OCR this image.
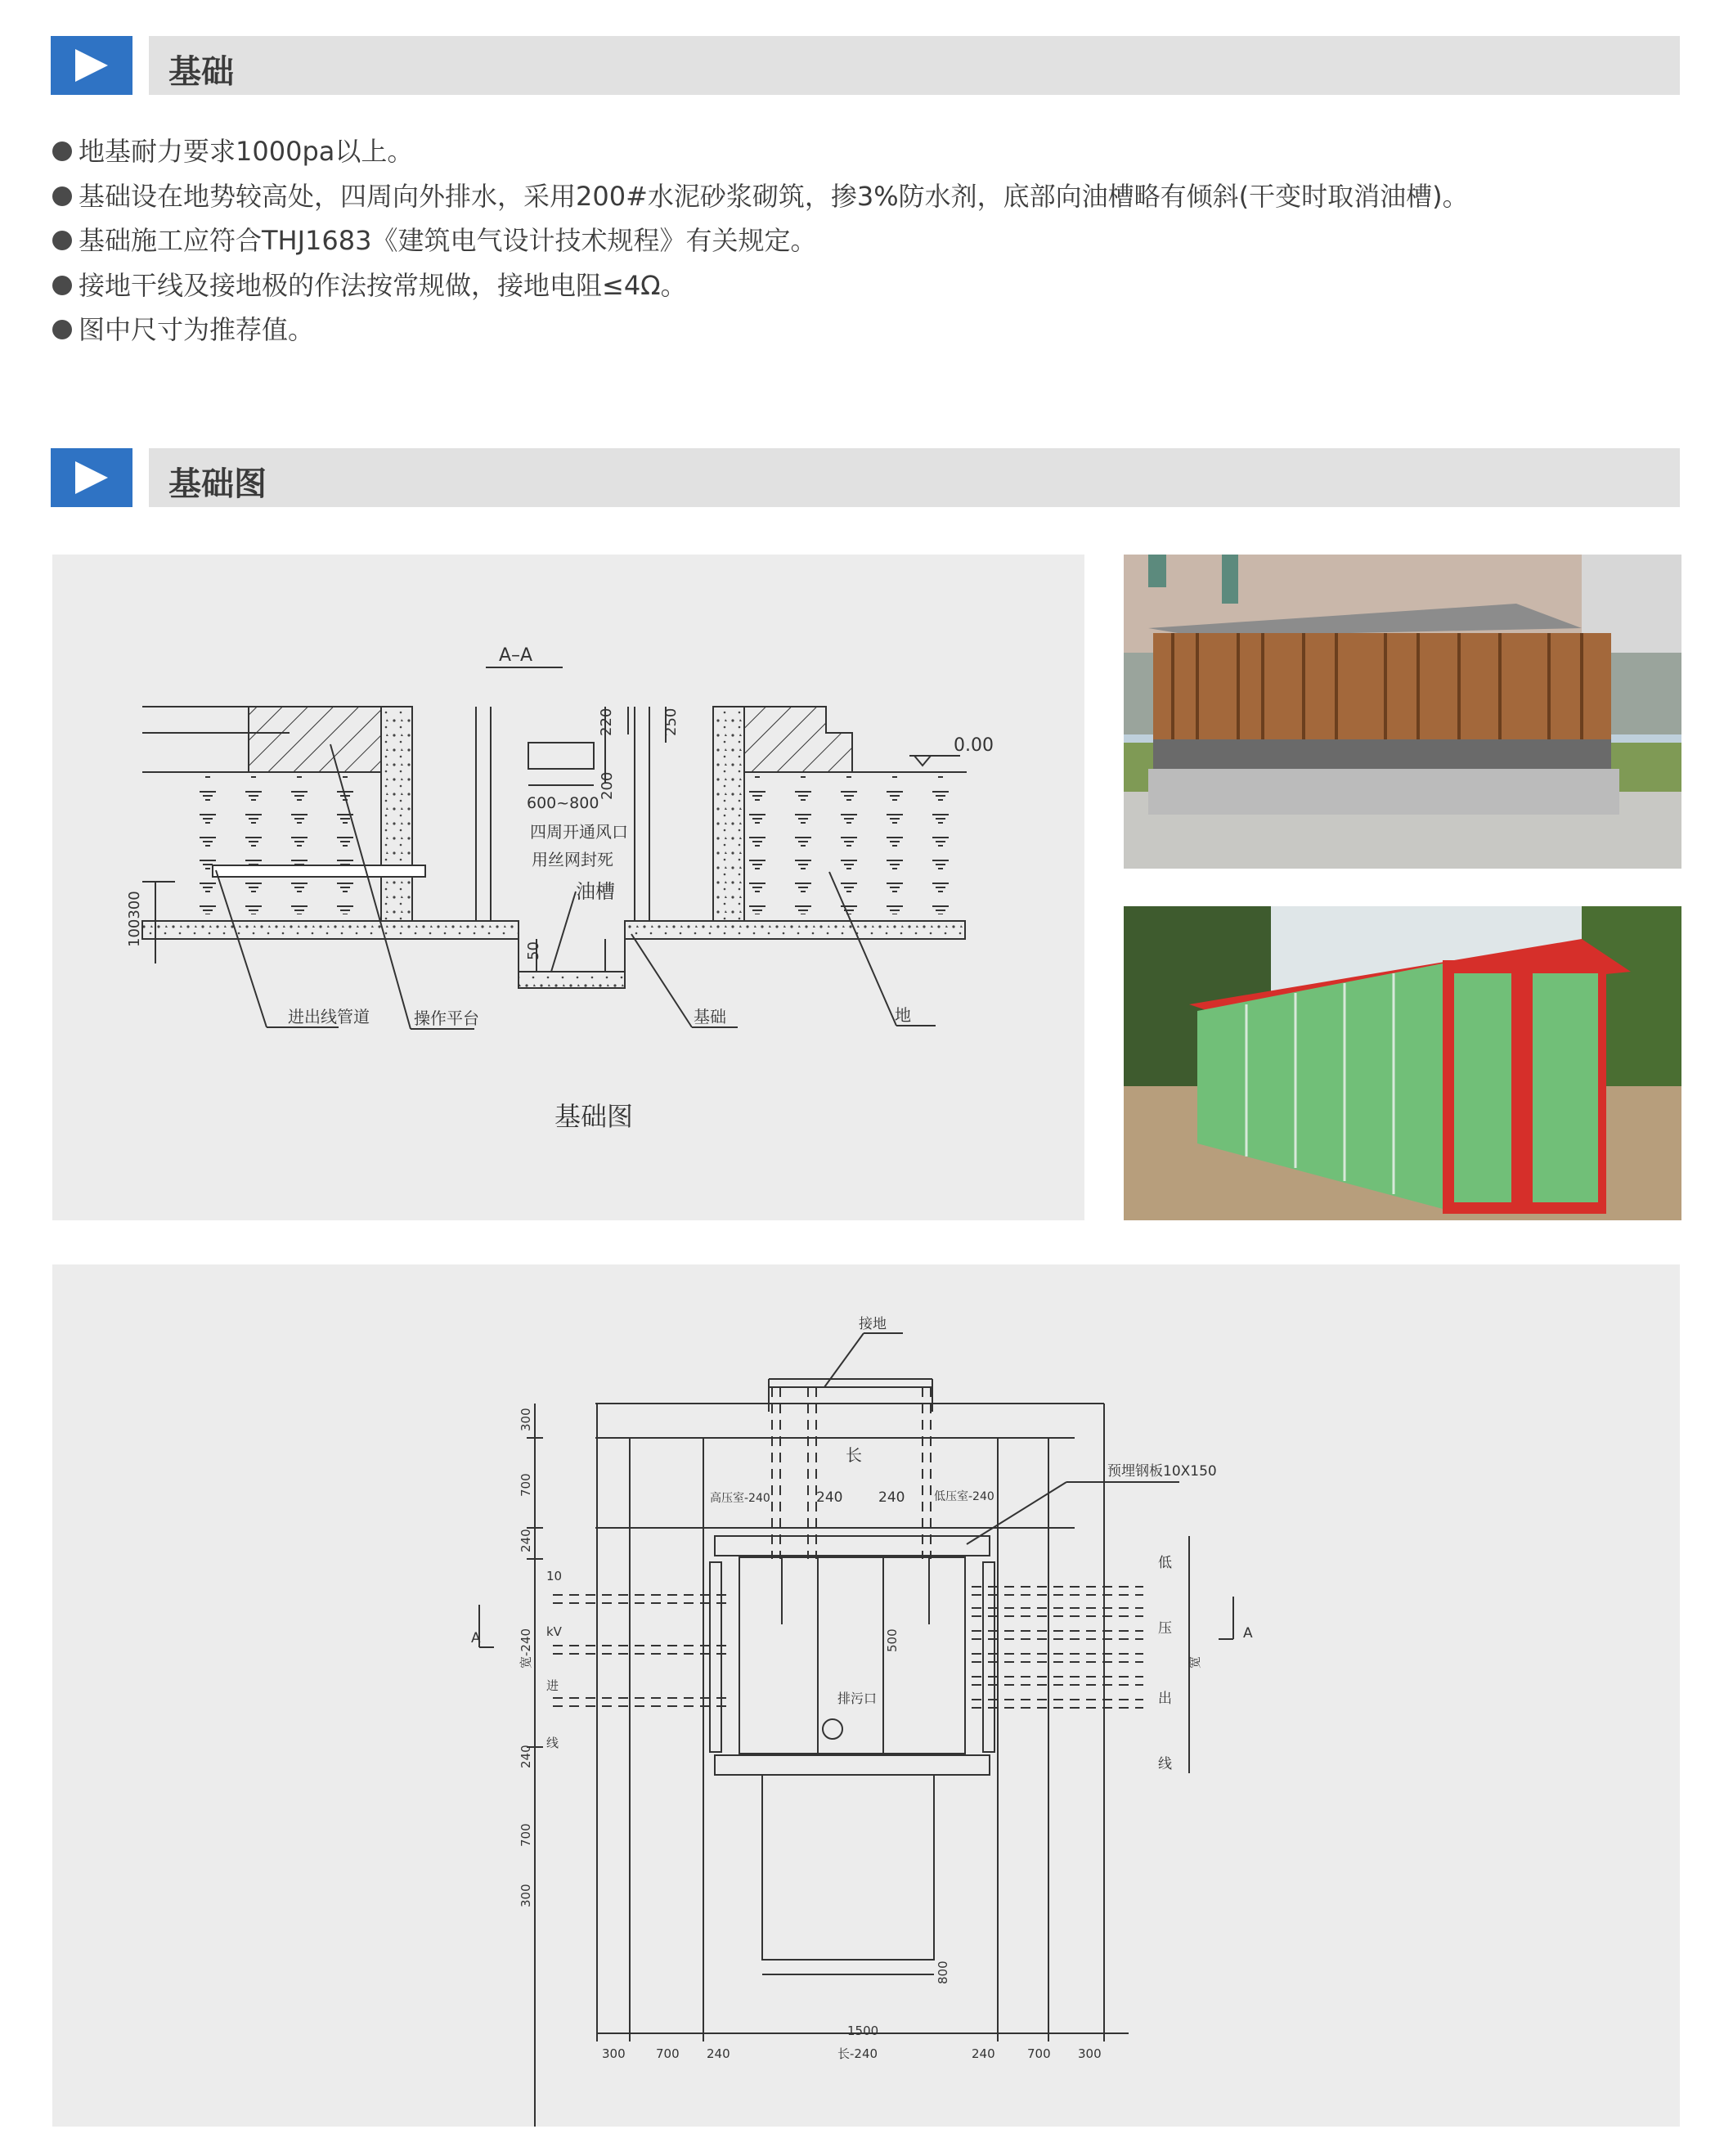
基础
地基耐力要求1000pa以上。
基础设在地势较高处，四周向外排水，采用200#水泥砂浆砌筑，掺3%防水剂，底部向油槽略有倾斜(干变时取消油槽)。
基础施工应符合THJ1683《建筑电气设计技术规程》有关规定。
接地干线及接地极的作法按常规做，接地电阻≤4Ω。
图中尺寸为推荐值。
基础图
A–A
0.00
600~800
四周开通风口
用丝网封死
油槽
进出线管道	操作平台	基础	地
基础图
220	250
200
50
100300
接地
长
预埋钢板10X150
高压室-240	低压室-240
240	240
排污口
A	A
10
kV
进
线
低
压
出
线
1500
300 700 240	长-240	240	700 300
300
700
240
宽-240
240
700
300
500
800
宽
